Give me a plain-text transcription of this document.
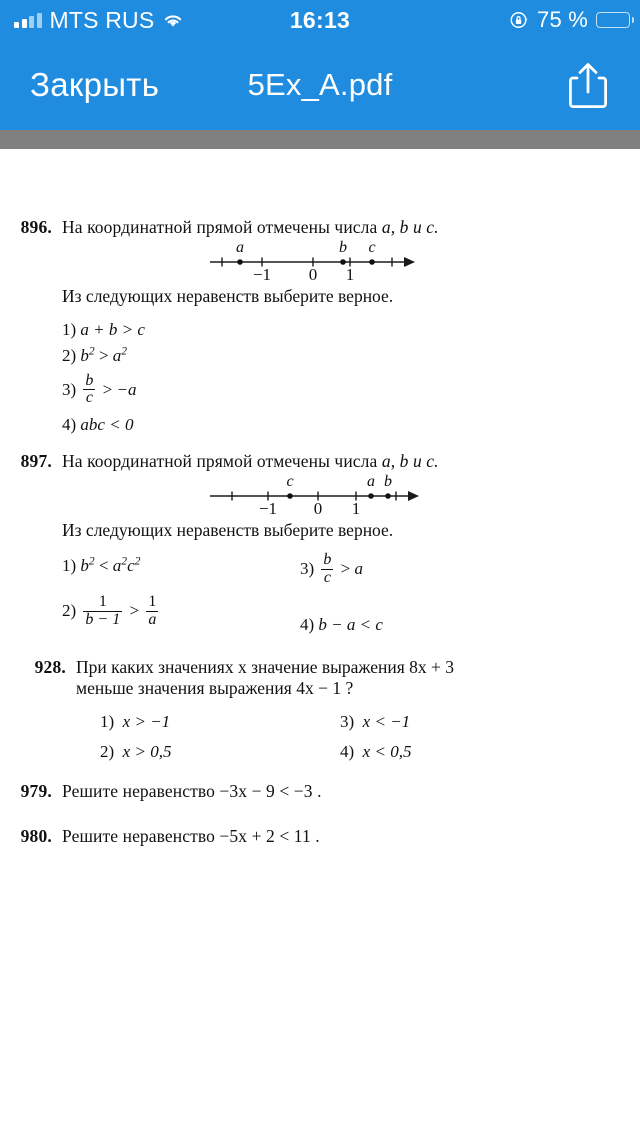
MTS RUS	16:13	75 %
Закрыть	5Ex_A.pdf
896. На координатной прямой отмечены числа a, b и c.
−1 0 1
a	b c
Из следующих неравенств выберите верное.
1) a + b > c
2) $b^2 > a^2$
$3) \frac{b}{c} > -a$
4) abc < 0
897. На координатной прямой отмечены числа a, b и c.
−1 0 1
c	a b
Из следующих неравенств выберите верное.
1) $b^2 < a^2c^2$
$2) \frac{1}{b - 1} > \frac{1}{a}$
$3) \frac{b}{c} > a$
4) b − a < c
928. При каких значениях x значение выражения 8x + 3
меньше значения выражения 4x − 1 ?
1) x > −1
2) x > 0,5
3) x < −1
4) x < 0,5
979. Решите неравенство −3x − 9 < −3 .
980. Решите неравенство −5x + 2 < 11 .
